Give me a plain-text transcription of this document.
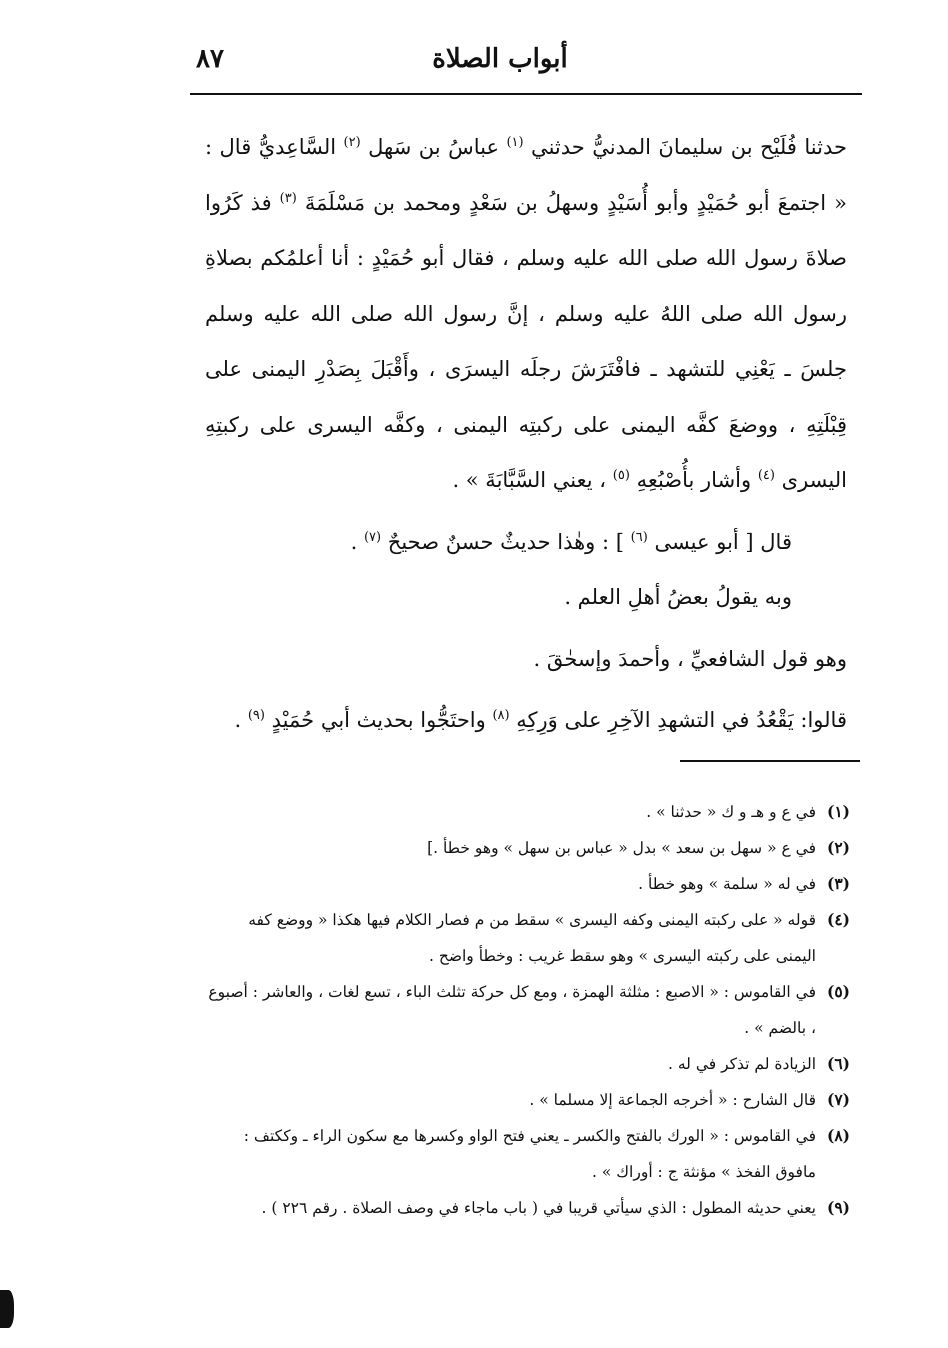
أبواب الصلاة
٨٧

حدثنا فُلَيْح بن سليمانَ المدنيُّ حدثني $^{(١)}$ عباسُ بن سَهل $^{(٢)}$ السَّاعِديُّ قال : « اجتمعَ أبو حُمَيْدٍ وأبو أُسَيْدٍ وسهلُ بن سَعْدٍ ومحمد بن مَسْلَمَةَ $^{(٣)}$ فذ كَرُوا صلاةَ رسول الله صلى الله عليه وسلم ، فقال أبو حُمَيْدٍ : أنا أعلمُكم بصلاةِ رسول الله صلى اللهُ عليه وسلم ، إنَّ رسول الله صلى الله عليه وسلم جلسَ ـ يَعْنِي للتشهد ـ فافْتَرَشَ رجلَه اليسرَى ، وأَقْبَلَ بِصَدْرِ اليمنى على قِبْلَتِهِ ، ووضعَ كفَّه اليمنى على ركبتِه اليمنى ، وكفَّه اليسرى على ركبتِهِ اليسرى $^{(٤)}$ وأشار بأُصْبُعِهِ $^{(٥)}$ ، يعني السَّبَّابَةَ » .

قال [ أبو عيسى $^{(٦)}$ ] : وهٰذا حديثٌ حسنٌ صحيحٌ $^{(٧)}$ .

وبه يقولُ بعضُ أهلِ العلم .

وهو قول الشافعيِّ ، وأحمدَ وإسحٰقَ .

قالوا: يَقْعُدُ في التشهدِ الآخِرِ على وَرِكِهِ $^{(٨)}$ واحتَجُّوا بحديث أبي حُمَيْدٍ $^{(٩)}$ .

(١)
في ع و هـ و ك « حدثنا » .
(٢)
في ع « سهل بن سعد » بدل « عباس بن سهل » وهو خطأ .]
(٣)
في له « سلمة » وهو خطأ .
(٤)
قوله « على ركبته اليمنى وكفه اليسرى » سقط من م فصار الكلام فيها هكذا « ووضع كفه اليمنى على ركبته اليسرى » وهو سقط غريب : وخطأ واضح .
(٥)
في القاموس : « الاصبع : مثلثة الهمزة ، ومع كل حركة تثلث الباء ، تسع لغات ، والعاشر : أصبوع ، بالضم » .
(٦)
الزيادة لم تذكر في له .
(٧)
قال الشارح : « أخرجه الجماعة إلا مسلما » .
(٨)
في القاموس : « الورك بالفتح والكسر ـ يعني فتح الواو وكسرها مع سكون الراء ـ وككتف : مافوق الفخذ » مؤنثة ج : أوراك » .
(٩)
يعني حديثه المطول : الذي سيأتي قريبا في ( باب ماجاء في وصف الصلاة . رقم ٢٢٦ ) .
